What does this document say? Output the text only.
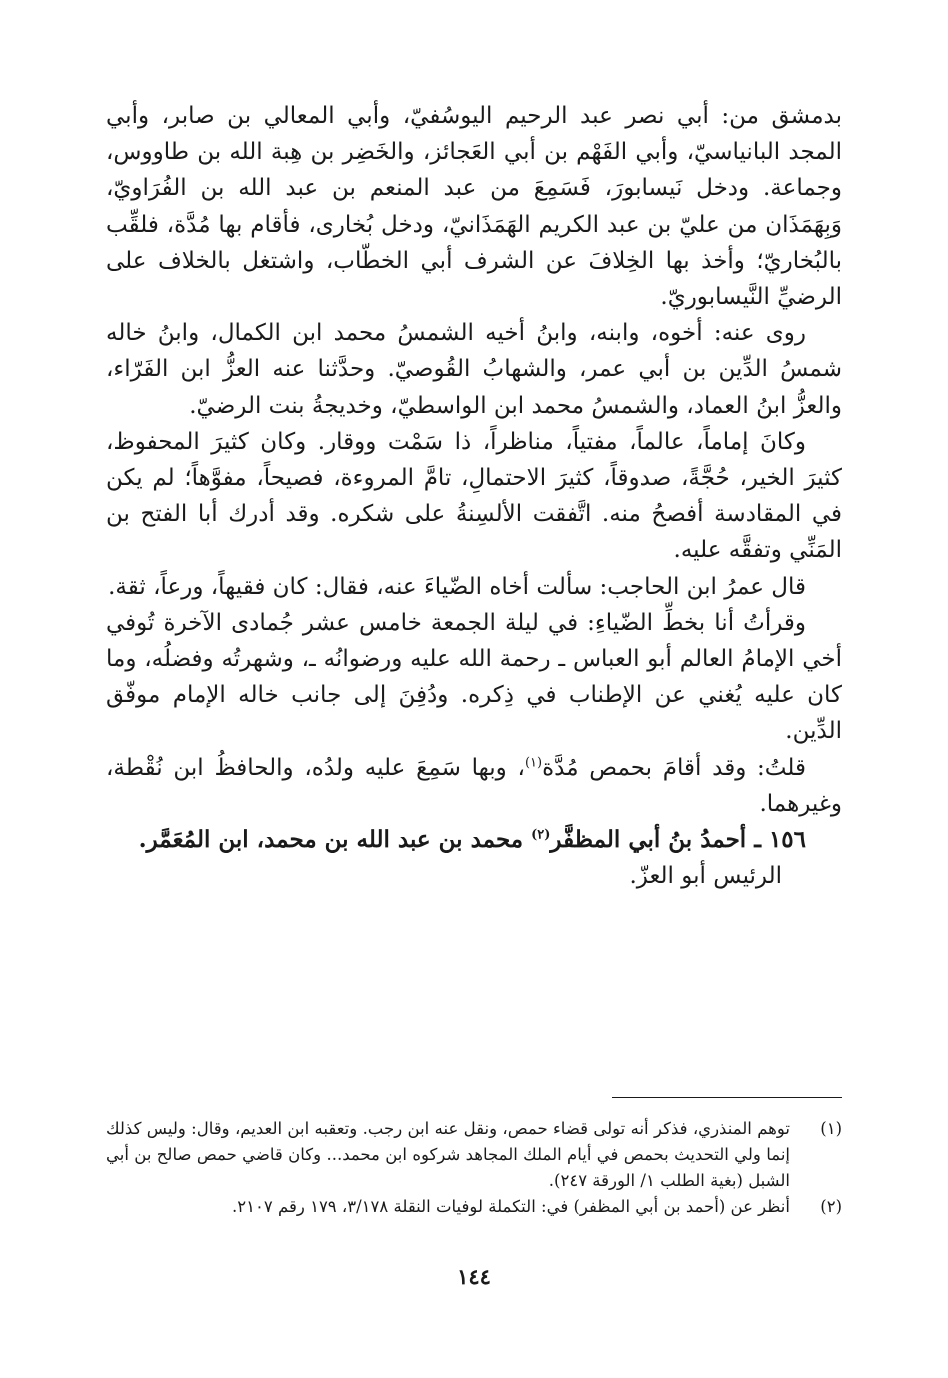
بدمشق من: أبي نصر عبد الرحيم اليوسُفيّ، وأبي المعالي بن صابر، وأبي المجد البانياسيّ، وأبي الفَهْم بن أبي العَجائز، والخَضِر بن هِبة الله بن طاووس، وجماعة. ودخل نَيسابورَ، فَسَمِعَ من عبد المنعم بن عبد الله بن الفُرَاويّ، وَبِهَمَذَان من عليّ بن عبد الكريم الهَمَذَانيّ، ودخل بُخارى، فأقام بها مُدَّة، فلقِّب بالبُخاريّ؛ وأخذ بها الخِلافَ عن الشرف أبي الخطّاب، واشتغل بالخلاف على الرضيِّ النَّيسابوريّ.

روى عنه: أخوه، وابنه، وابنُ أخيه الشمسُ محمد ابن الكمال، وابنُ خاله شمسُ الدِّين بن أبي عمر، والشهابُ القُوصيّ. وحدَّثنا عنه العزُّ ابن الفَرّاء، والعزُّ ابنُ العماد، والشمسُ محمد ابن الواسطيّ، وخديجةُ بنت الرضيّ.

وكانَ إماماً، عالماً، مفتياً، مناظراً، ذا سَمْت ووقار. وكان كثيرَ المحفوظ، كثيرَ الخير، حُجَّةً، صدوقاً، كثيرَ الاحتمالِ، تامَّ المروءة، فصيحاً، مفوَّهاً؛ لم يكن في المقادسة أفصحُ منه. اتَّفقت الألسِنةُ على شكره. وقد أدرك أبا الفتح بن المَنِّي وتفقَّه عليه.

قال عمرُ ابن الحاجب: سألت أخاه الضّياءَ عنه، فقال: كان فقيهاً، ورعاً، ثقة.

وقرأتُ أنا بخطِّ الضّياءِ: في ليلة الجمعة خامس عشر جُمادى الآخرة تُوفي أخي الإمامُ العالم أبو العباس ـ رحمة الله عليه ورضوانُه ـ، وشهرتُه وفضلُه، وما كان عليه يُغني عن الإطناب في ذِكره. ودُفِنَ إلى جانب خاله الإمام موفّق الدِّين.

قلتُ: وقد أقامَ بحمص مُدَّة$^{(١)}$، وبها سَمِعَ عليه ولدُه، والحافظُ ابن نُقْطة، وغيرهما.

١٥٦ ـ أحمدُ بنُ أبي المظفَّر$^{(٢)}$ محمد بن عبد الله بن محمد، ابن المُعَمَّر.

الرئيس أبو العزّ.

(١)
توهم المنذري، فذكر أنه تولى قضاء حمص، ونقل عنه ابن رجب. وتعقبه ابن العديم، وقال: وليس كذلك إنما ولي التحديث بحمص في أيام الملك المجاهد شركوه ابن محمد... وكان قاضي حمص صالح بن أبي الشبل (بغية الطلب ١/ الورقة ٢٤٧).
(٢)
أنظر عن (أحمد بن أبي المظفر) في: التكملة لوفيات النقلة ٣/١٧٨، ١٧٩ رقم ٢١٠٧.
١٤٤
